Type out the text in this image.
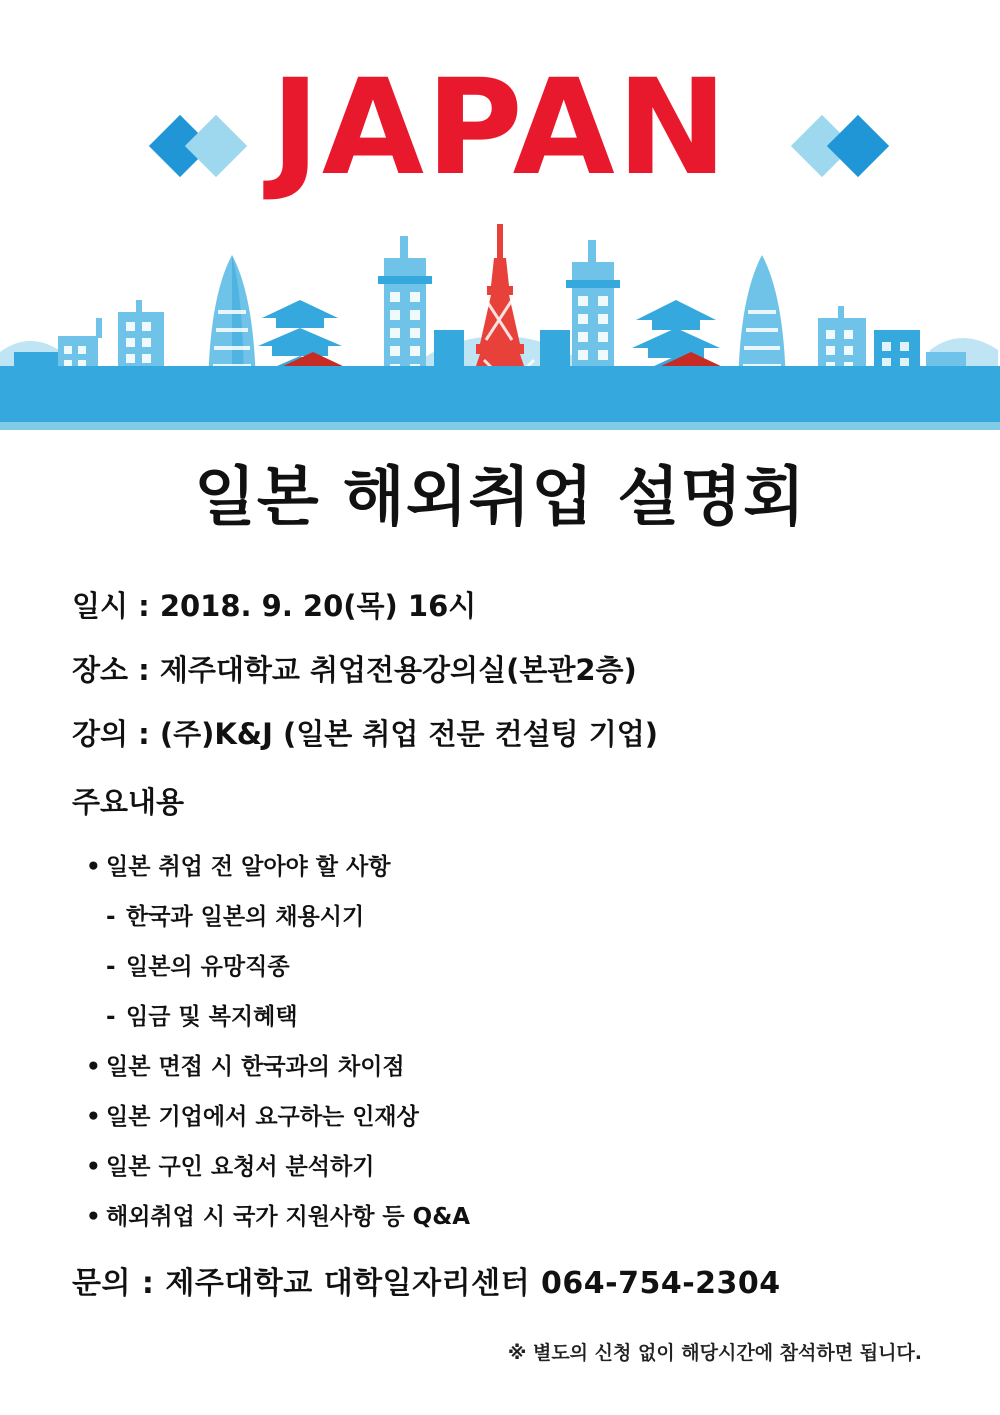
JAPAN
일본 해외취업 설명회
일시 : 2018. 9. 20(목) 16시
장소 : 제주대학교 취업전용강의실(본관2층)
강의 : (주)K&J (일본 취업 전문 컨설팅 기업)
주요내용
• 일본 취업 전 알아야 할 사항
- 한국과 일본의 채용시기
- 일본의 유망직종
- 임금 및 복지혜택
• 일본 면접 시 한국과의 차이점
• 일본 기업에서 요구하는 인재상
• 일본 구인 요청서 분석하기
• 해외취업 시 국가 지원사항 등 Q&A
문의 : 제주대학교 대학일자리센터 064-754-2304
※ 별도의 신청 없이 해당시간에 참석하면 됩니다.
